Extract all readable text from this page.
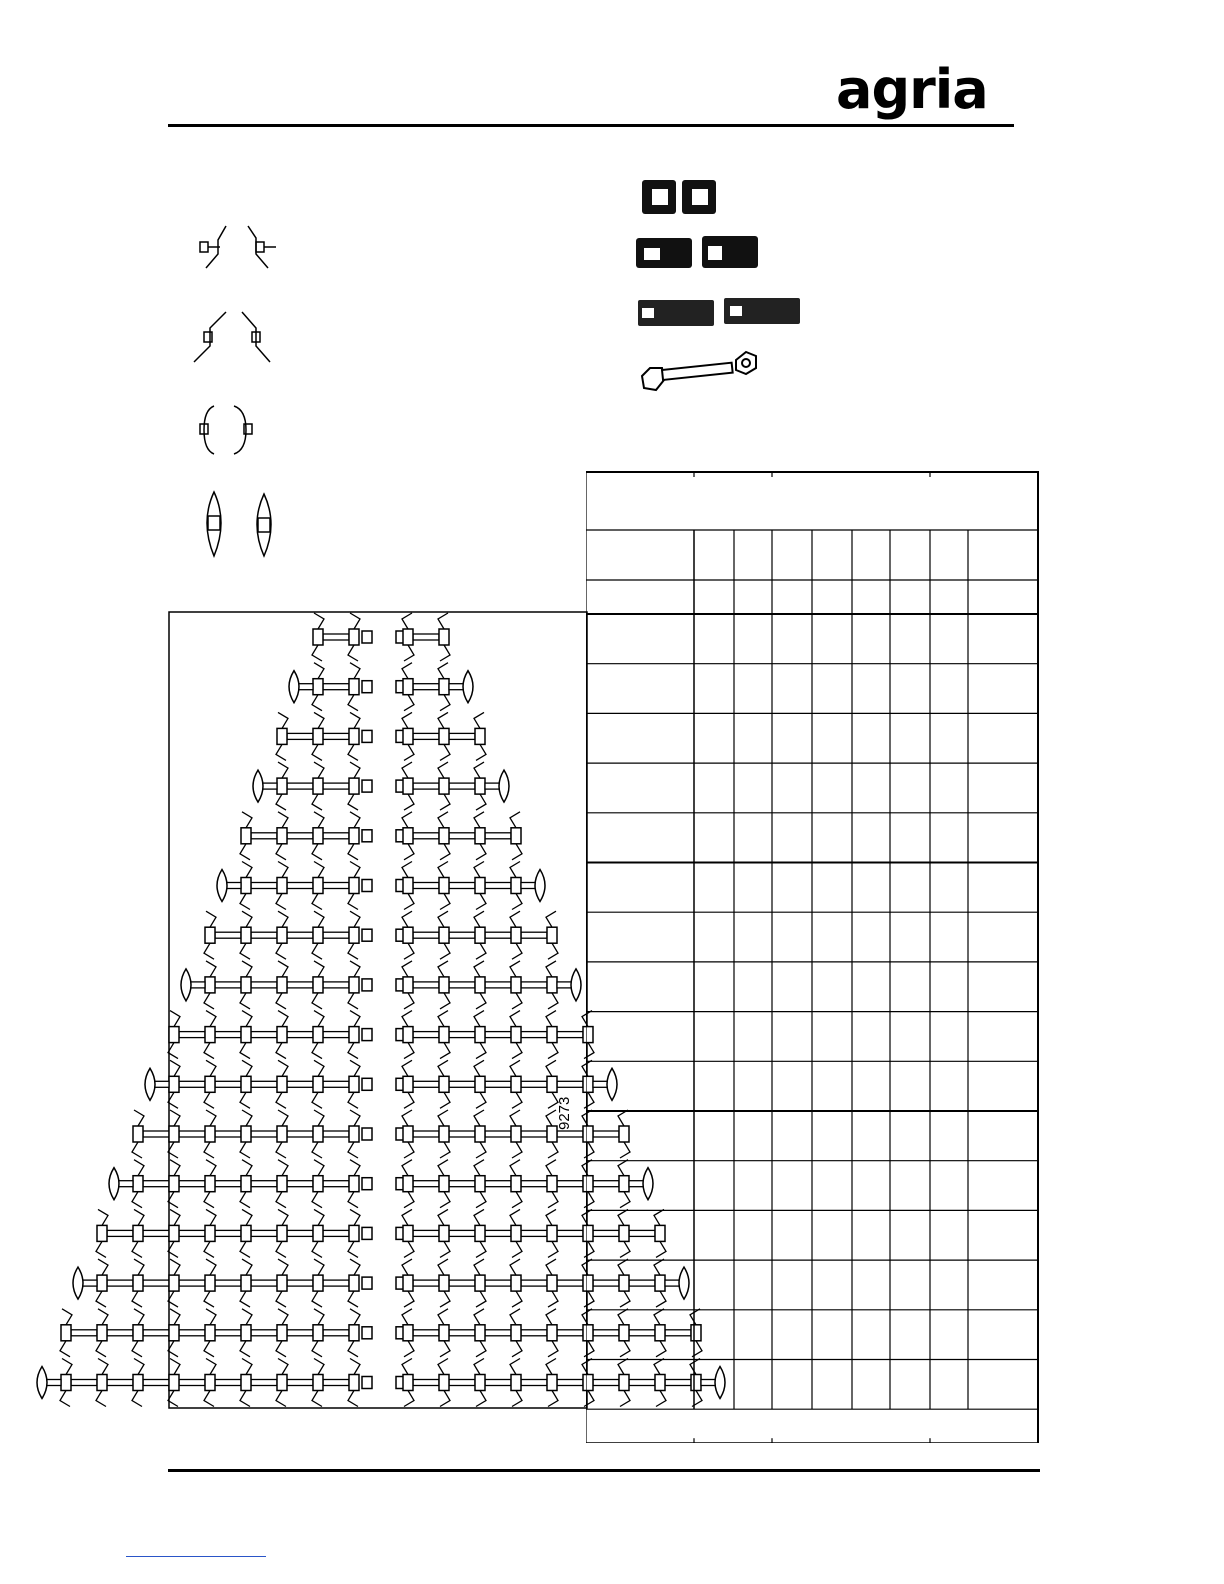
agria
9273
